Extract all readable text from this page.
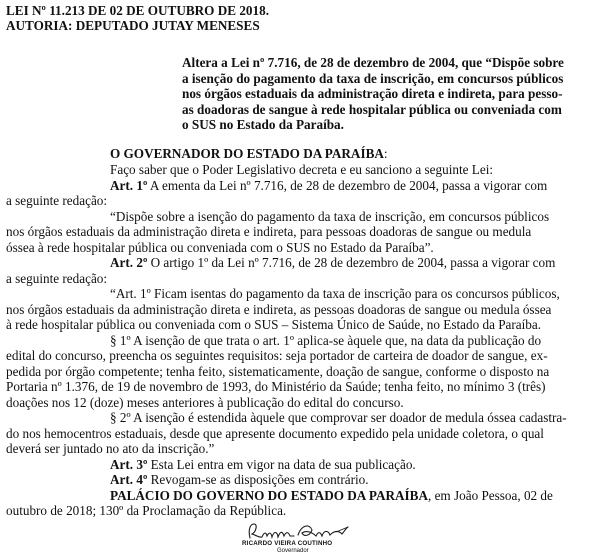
LEI Nº 11.213 DE 02 DE OUTUBRO DE 2018.
AUTORIA: DEPUTADO JUTAY MENESES
Altera a Lei nº 7.716, de 28 de dezembro de 2004, que “Dispõe sobre
a isenção do pagamento da taxa de inscrição, em concursos públicos
nos órgãos estaduais da administração direta e indireta, para pesso-
as doadoras de sangue à rede hospitalar pública ou conveniada com
o SUS no Estado da Paraíba.
O GOVERNADOR DO ESTADO DA PARAÍBA:
Faço saber que o Poder Legislativo decreta e eu sanciono a seguinte Lei:
Art. 1º A ementa da Lei nº 7.716, de 28 de dezembro de 2004, passa a vigorar com
a seguinte redação:
“Dispõe sobre a isenção do pagamento da taxa de inscrição, em concursos públicos
nos órgãos estaduais da administração direta e indireta, para pessoas doadoras de sangue ou medula
óssea à rede hospitalar pública ou conveniada com o SUS no Estado da Paraíba”.
Art. 2º O artigo 1º da Lei nº 7.716, de 28 de dezembro de 2004, passa a vigorar com
a seguinte redação:
“Art. 1º Ficam isentas do pagamento da taxa de inscrição para os concursos públicos,
nos órgãos estaduais da administração direta e indireta, as pessoas doadoras de sangue ou medula óssea
à rede hospitalar pública ou conveniada com o SUS – Sistema Único de Saúde, no Estado da Paraíba.
§ 1º A isenção de que trata o art. 1º aplica-se àquele que, na data da publicação do
edital do concurso, preencha os seguintes requisitos: seja portador de carteira de doador de sangue, ex-
pedida por órgão competente; tenha feito, sistematicamente, doação de sangue, conforme o disposto na
Portaria nº 1.376, de 19 de novembro de 1993, do Ministério da Saúde; tenha feito, no mínimo 3 (três)
doações nos 12 (doze) meses anteriores à publicação do edital do concurso.
§ 2º A isenção é estendida àquele que comprovar ser doador de medula óssea cadastra-
do nos hemocentros estaduais, desde que apresente documento expedido pela unidade coletora, o qual
deverá ser juntado no ato da inscrição.”
Art. 3º Esta Lei entra em vigor na data de sua publicação.
Art. 4º Revogam-se as disposições em contrário.
PALÁCIO DO GOVERNO DO ESTADO DA PARAÍBA, em João Pessoa, 02 de
outubro de 2018; 130º da Proclamação da República.
RICARDO VIEIRA COUTINHO
Governador
